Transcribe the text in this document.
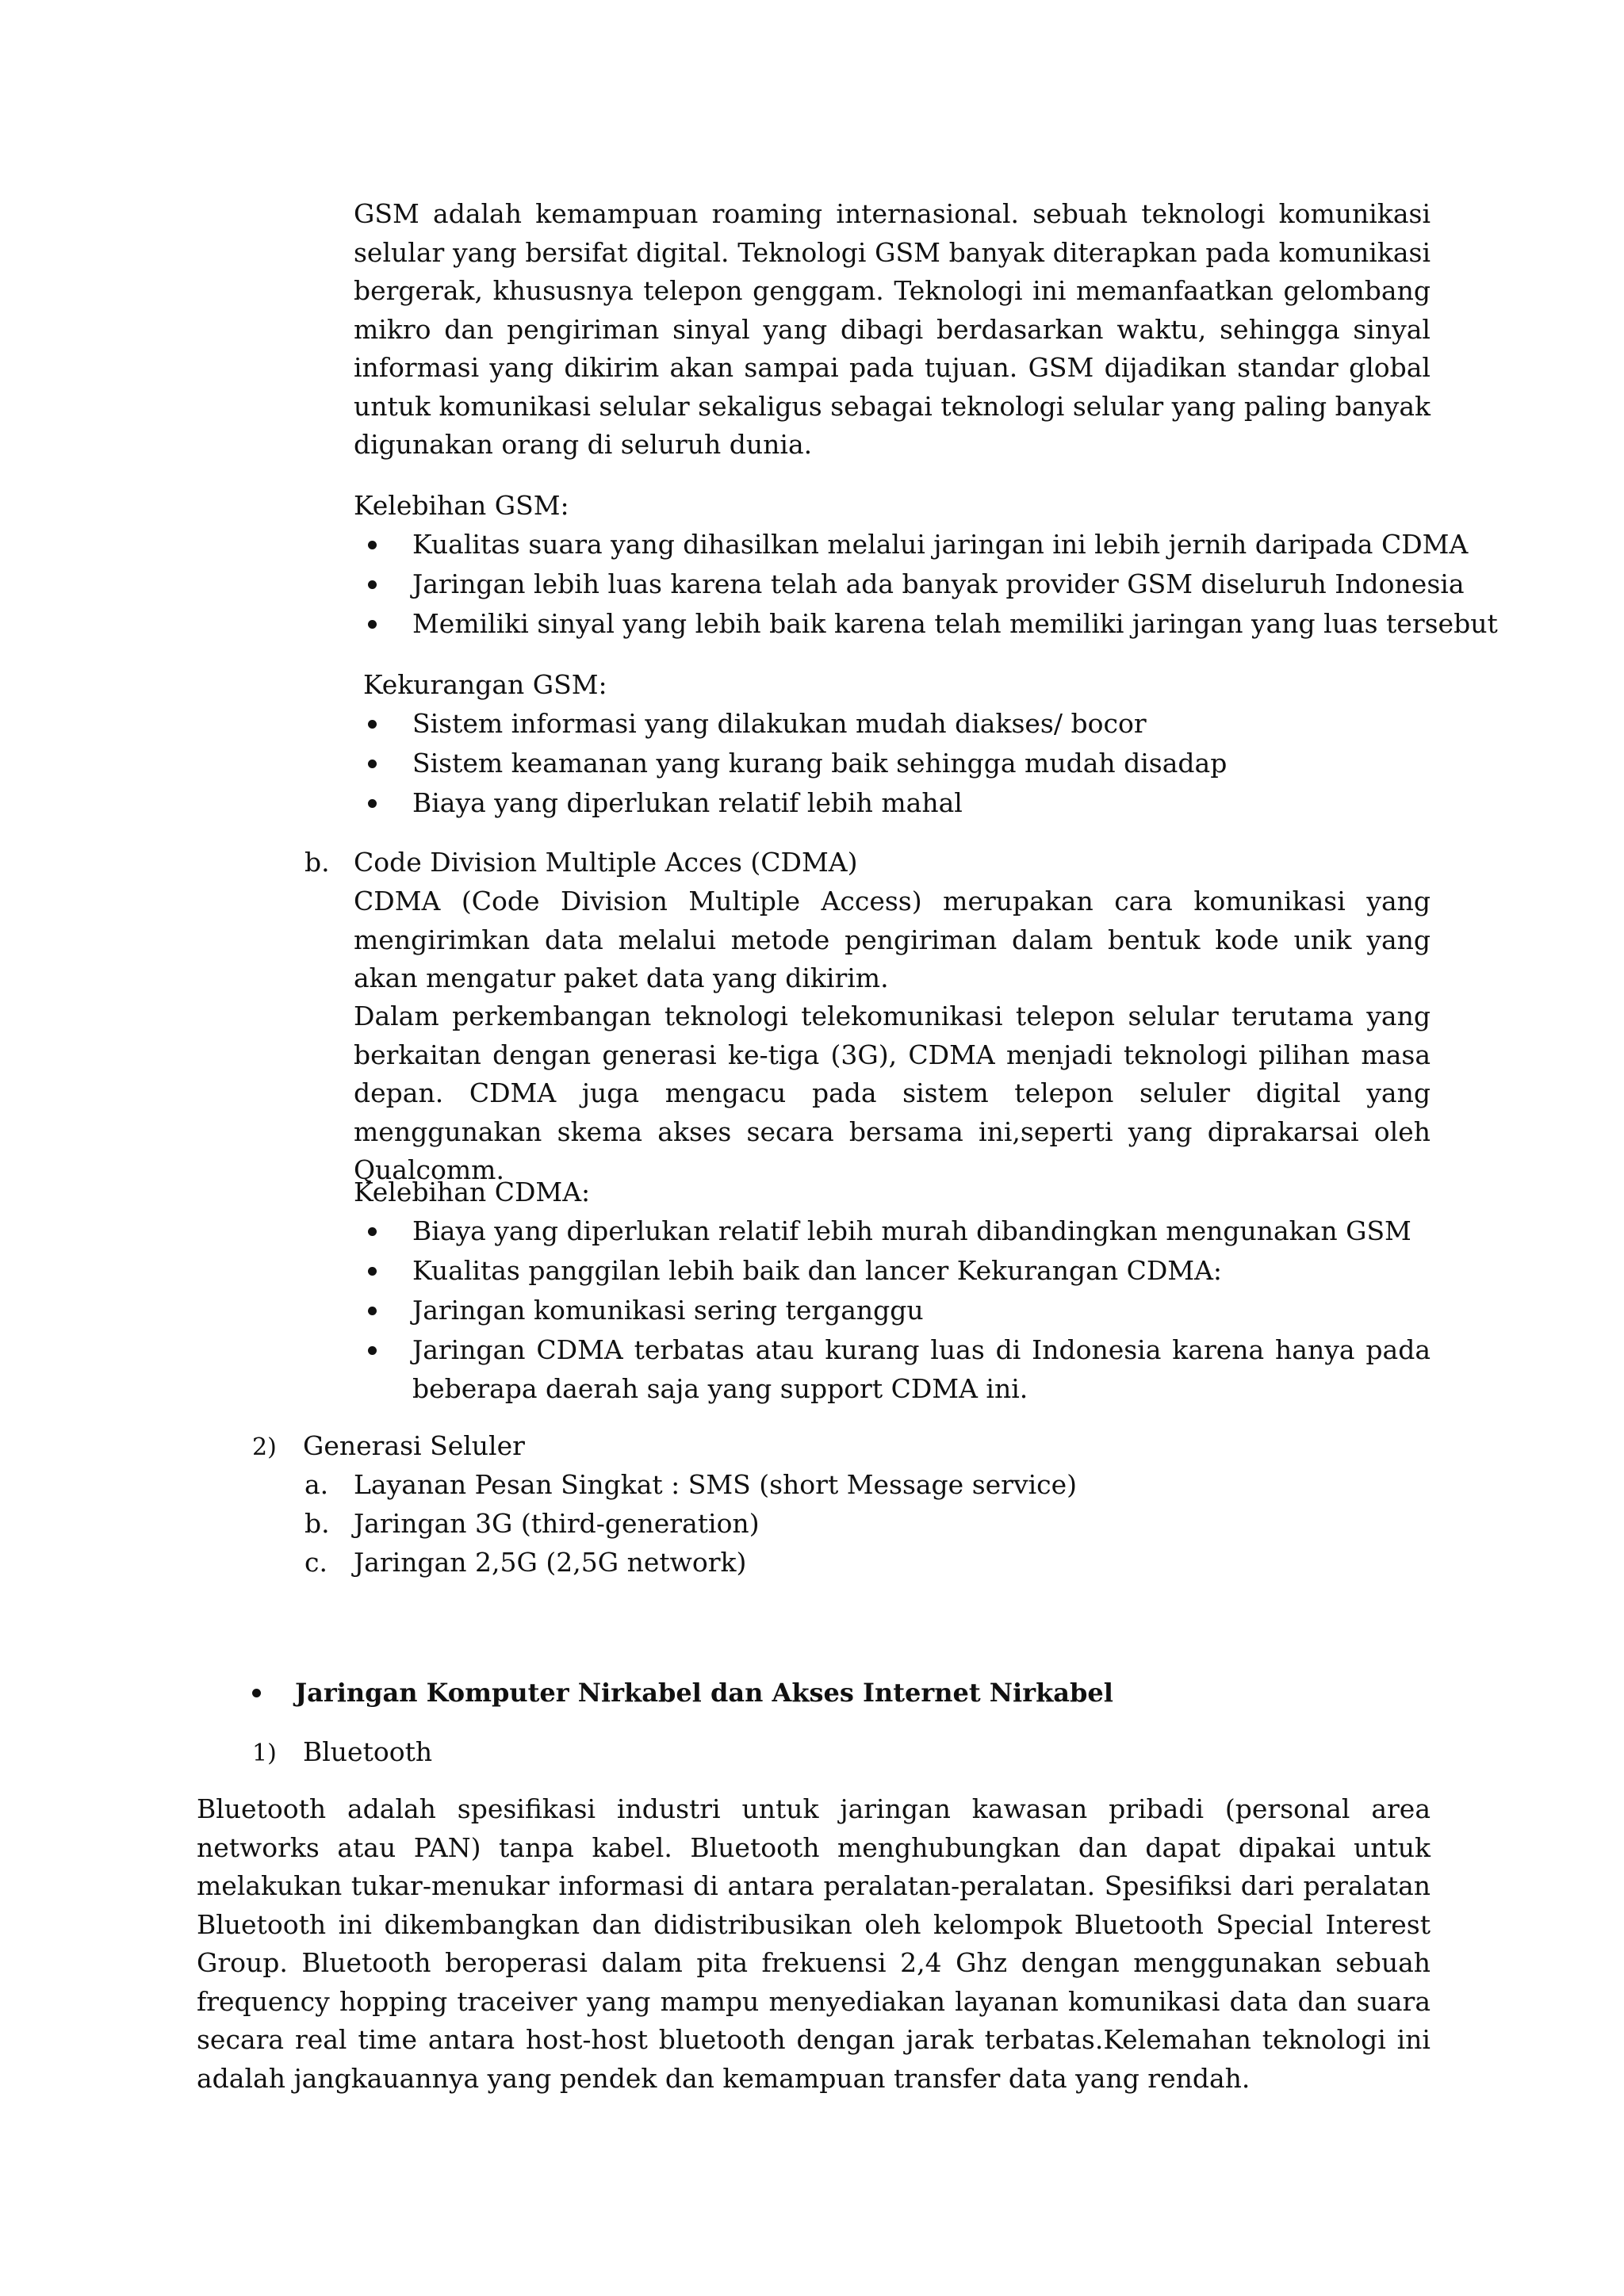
GSM adalah kemampuan roaming internasional. sebuah teknologi komunikasi selular yang bersifat digital. Teknologi GSM banyak diterapkan pada komunikasi bergerak, khususnya telepon genggam. Teknologi ini memanfaatkan gelombang mikro dan pengiriman sinyal yang dibagi berdasarkan waktu, sehingga sinyal informasi yang dikirim akan sampai pada tujuan. GSM dijadikan standar global untuk komunikasi selular sekaligus sebagai teknologi selular yang paling banyak digunakan orang di seluruh dunia.

Kelebihan GSM:

Kualitas suara yang dihasilkan melalui jaringan ini lebih jernih daripada CDMA

Jaringan lebih luas karena telah ada banyak provider GSM diseluruh Indonesia

Memiliki sinyal yang lebih baik karena telah memiliki jaringan yang luas tersebut

Kekurangan GSM:

Sistem informasi yang dilakukan mudah diakses/ bocor

Sistem keamanan yang kurang baik sehingga mudah disadap

Biaya yang diperlukan relatif lebih mahal

b. Code Division Multiple Acces (CDMA)

CDMA (Code Division Multiple Access) merupakan cara komunikasi yang mengirimkan data melalui metode pengiriman dalam bentuk kode unik yang akan mengatur paket data yang dikirim.

Dalam perkembangan teknologi telekomunikasi telepon selular terutama yang berkaitan dengan generasi ke-tiga (3G), CDMA menjadi teknologi pilihan masa depan. CDMA juga mengacu pada sistem telepon seluler digital yang menggunakan skema akses secara bersama ini,seperti yang diprakarsai oleh Qualcomm.

Kelebihan CDMA:

Biaya yang diperlukan relatif lebih murah dibandingkan mengunakan GSM

Kualitas panggilan lebih baik dan lancer Kekurangan CDMA:

Jaringan komunikasi sering terganggu

Jaringan CDMA terbatas atau kurang luas di Indonesia karena hanya pada beberapa daerah saja yang support CDMA ini.

2) Generasi Seluler

a. Layanan Pesan Singkat : SMS (short Message service)

b. Jaringan 3G (third-generation)

c. Jaringan 2,5G (2,5G network)

Jaringan Komputer Nirkabel dan Akses Internet Nirkabel

1) Bluetooth

Bluetooth adalah spesifikasi industri untuk jaringan kawasan pribadi (personal area networks atau PAN) tanpa kabel. Bluetooth menghubungkan dan dapat dipakai untuk melakukan tukar-menukar informasi di antara peralatan-peralatan. Spesifiksi dari peralatan Bluetooth ini dikembangkan dan didistribusikan oleh kelompok Bluetooth Special Interest Group. Bluetooth beroperasi dalam pita frekuensi 2,4 Ghz dengan menggunakan sebuah frequency hopping traceiver yang mampu menyediakan layanan komunikasi data dan suara secara real time antara host-host bluetooth dengan jarak terbatas.Kelemahan teknologi ini adalah jangkauannya yang pendek dan kemampuan transfer data yang rendah.
